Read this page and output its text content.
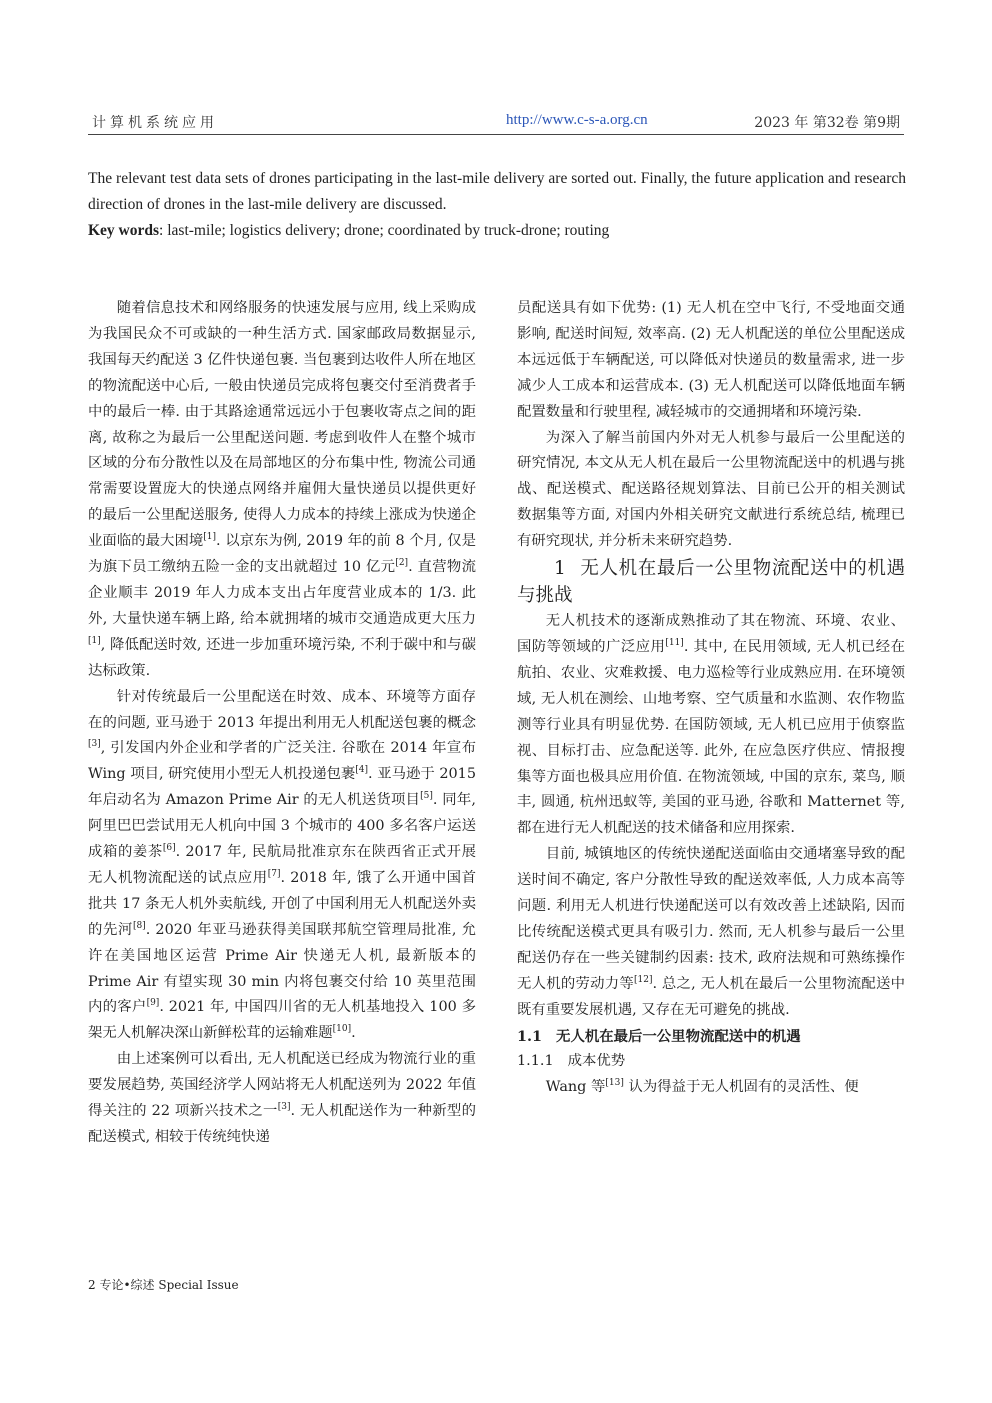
计算机系统应用	http://www.c-s-a.org.cn	2023 年 第32卷 第9期

The relevant test data sets of drones participating in the last-mile delivery are sorted out. Finally, the future application and research direction of drones in the last-mile delivery are discussed.

Key words: last-mile; logistics delivery; drone; coordinated by truck-drone; routing

随着信息技术和网络服务的快速发展与应用, 线上采购成为我国民众不可或缺的一种生活方式. 国家邮政局数据显示, 我国每天约配送 3 亿件快递包裹. 当包裹到达收件人所在地区的物流配送中心后, 一般由快递员完成将包裹交付至消费者手中的最后一棒. 由于其路途通常远远小于包裹收寄点之间的距离, 故称之为最后一公里配送问题. 考虑到收件人在整个城市区域的分布分散性以及在局部地区的分布集中性, 物流公司通常需要设置庞大的快递点网络并雇佣大量快递员以提供更好的最后一公里配送服务, 使得人力成本的持续上涨成为快递企业面临的最大困境[1]. 以京东为例, 2019 年的前 8 个月, 仅是为旗下员工缴纳五险一金的支出就超过 10 亿元[2]. 直营物流企业顺丰 2019 年人力成本支出占年度营业成本的 1/3. 此外, 大量快递车辆上路, 给本就拥堵的城市交通造成更大压力[1], 降低配送时效, 还进一步加重环境污染, 不利于碳中和与碳达标政策.

针对传统最后一公里配送在时效、成本、环境等方面存在的问题, 亚马逊于 2013 年提出利用无人机配送包裹的概念[3], 引发国内外企业和学者的广泛关注. 谷歌在 2014 年宣布 Wing 项目, 研究使用小型无人机投递包裹[4]. 亚马逊于 2015 年启动名为 Amazon Prime Air 的无人机送货项目[5]. 同年, 阿里巴巴尝试用无人机向中国 3 个城市的 400 多名客户运送成箱的姜茶[6]. 2017 年, 民航局批准京东在陕西省正式开展无人机物流配送的试点应用[7]. 2018 年, 饿了么开通中国首批共 17 条无人机外卖航线, 开创了中国利用无人机配送外卖的先河[8]. 2020 年亚马逊获得美国联邦航空管理局批准, 允许在美国地区运营 Prime Air 快递无人机, 最新版本的 Prime Air 有望实现 30 min 内将包裹交付给 10 英里范围内的客户[9]. 2021 年, 中国四川省的无人机基地投入 100 多架无人机解决深山新鲜松茸的运输难题[10].

由上述案例可以看出, 无人机配送已经成为物流行业的重要发展趋势, 英国经济学人网站将无人机配送列为 2022 年值得关注的 22 项新兴技术之一[3]. 无人机配送作为一种新型的配送模式, 相较于传统纯快递

员配送具有如下优势: (1) 无人机在空中飞行, 不受地面交通影响, 配送时间短, 效率高. (2) 无人机配送的单位公里配送成本远远低于车辆配送, 可以降低对快递员的数量需求, 进一步减少人工成本和运营成本. (3) 无人机配送可以降低地面车辆配置数量和行驶里程, 减轻城市的交通拥堵和环境污染.

为深入了解当前国内外对无人机参与最后一公里配送的研究情况, 本文从无人机在最后一公里物流配送中的机遇与挑战、配送模式、配送路径规划算法、目前已公开的相关测试数据集等方面, 对国内外相关研究文献进行系统总结, 梳理已有研究现状, 并分析未来研究趋势.

1 无人机在最后一公里物流配送中的机遇与挑战

无人机技术的逐渐成熟推动了其在物流、环境、农业、国防等领域的广泛应用[11]. 其中, 在民用领域, 无人机已经在航拍、农业、灾难救援、电力巡检等行业成熟应用. 在环境领域, 无人机在测绘、山地考察、空气质量和水监测、农作物监测等行业具有明显优势. 在国防领域, 无人机已应用于侦察监视、目标打击、应急配送等. 此外, 在应急医疗供应、情报搜集等方面也极具应用价值. 在物流领域, 中国的京东, 菜鸟, 顺丰, 圆通, 杭州迅蚁等, 美国的亚马逊, 谷歌和 Matternet 等, 都在进行无人机配送的技术储备和应用探索.

目前, 城镇地区的传统快递配送面临由交通堵塞导致的配送时间不确定, 客户分散性导致的配送效率低, 人力成本高等问题. 利用无人机进行快递配送可以有效改善上述缺陷, 因而比传统配送模式更具有吸引力. 然而, 无人机参与最后一公里配送仍存在一些关键制约因素: 技术, 政府法规和可熟练操作无人机的劳动力等[12]. 总之, 无人机在最后一公里物流配送中既有重要发展机遇, 又存在无可避免的挑战.

1.1 无人机在最后一公里物流配送中的机遇

1.1.1 成本优势

Wang 等[13] 认为得益于无人机固有的灵活性、便

2 专论•综述 Special Issue
